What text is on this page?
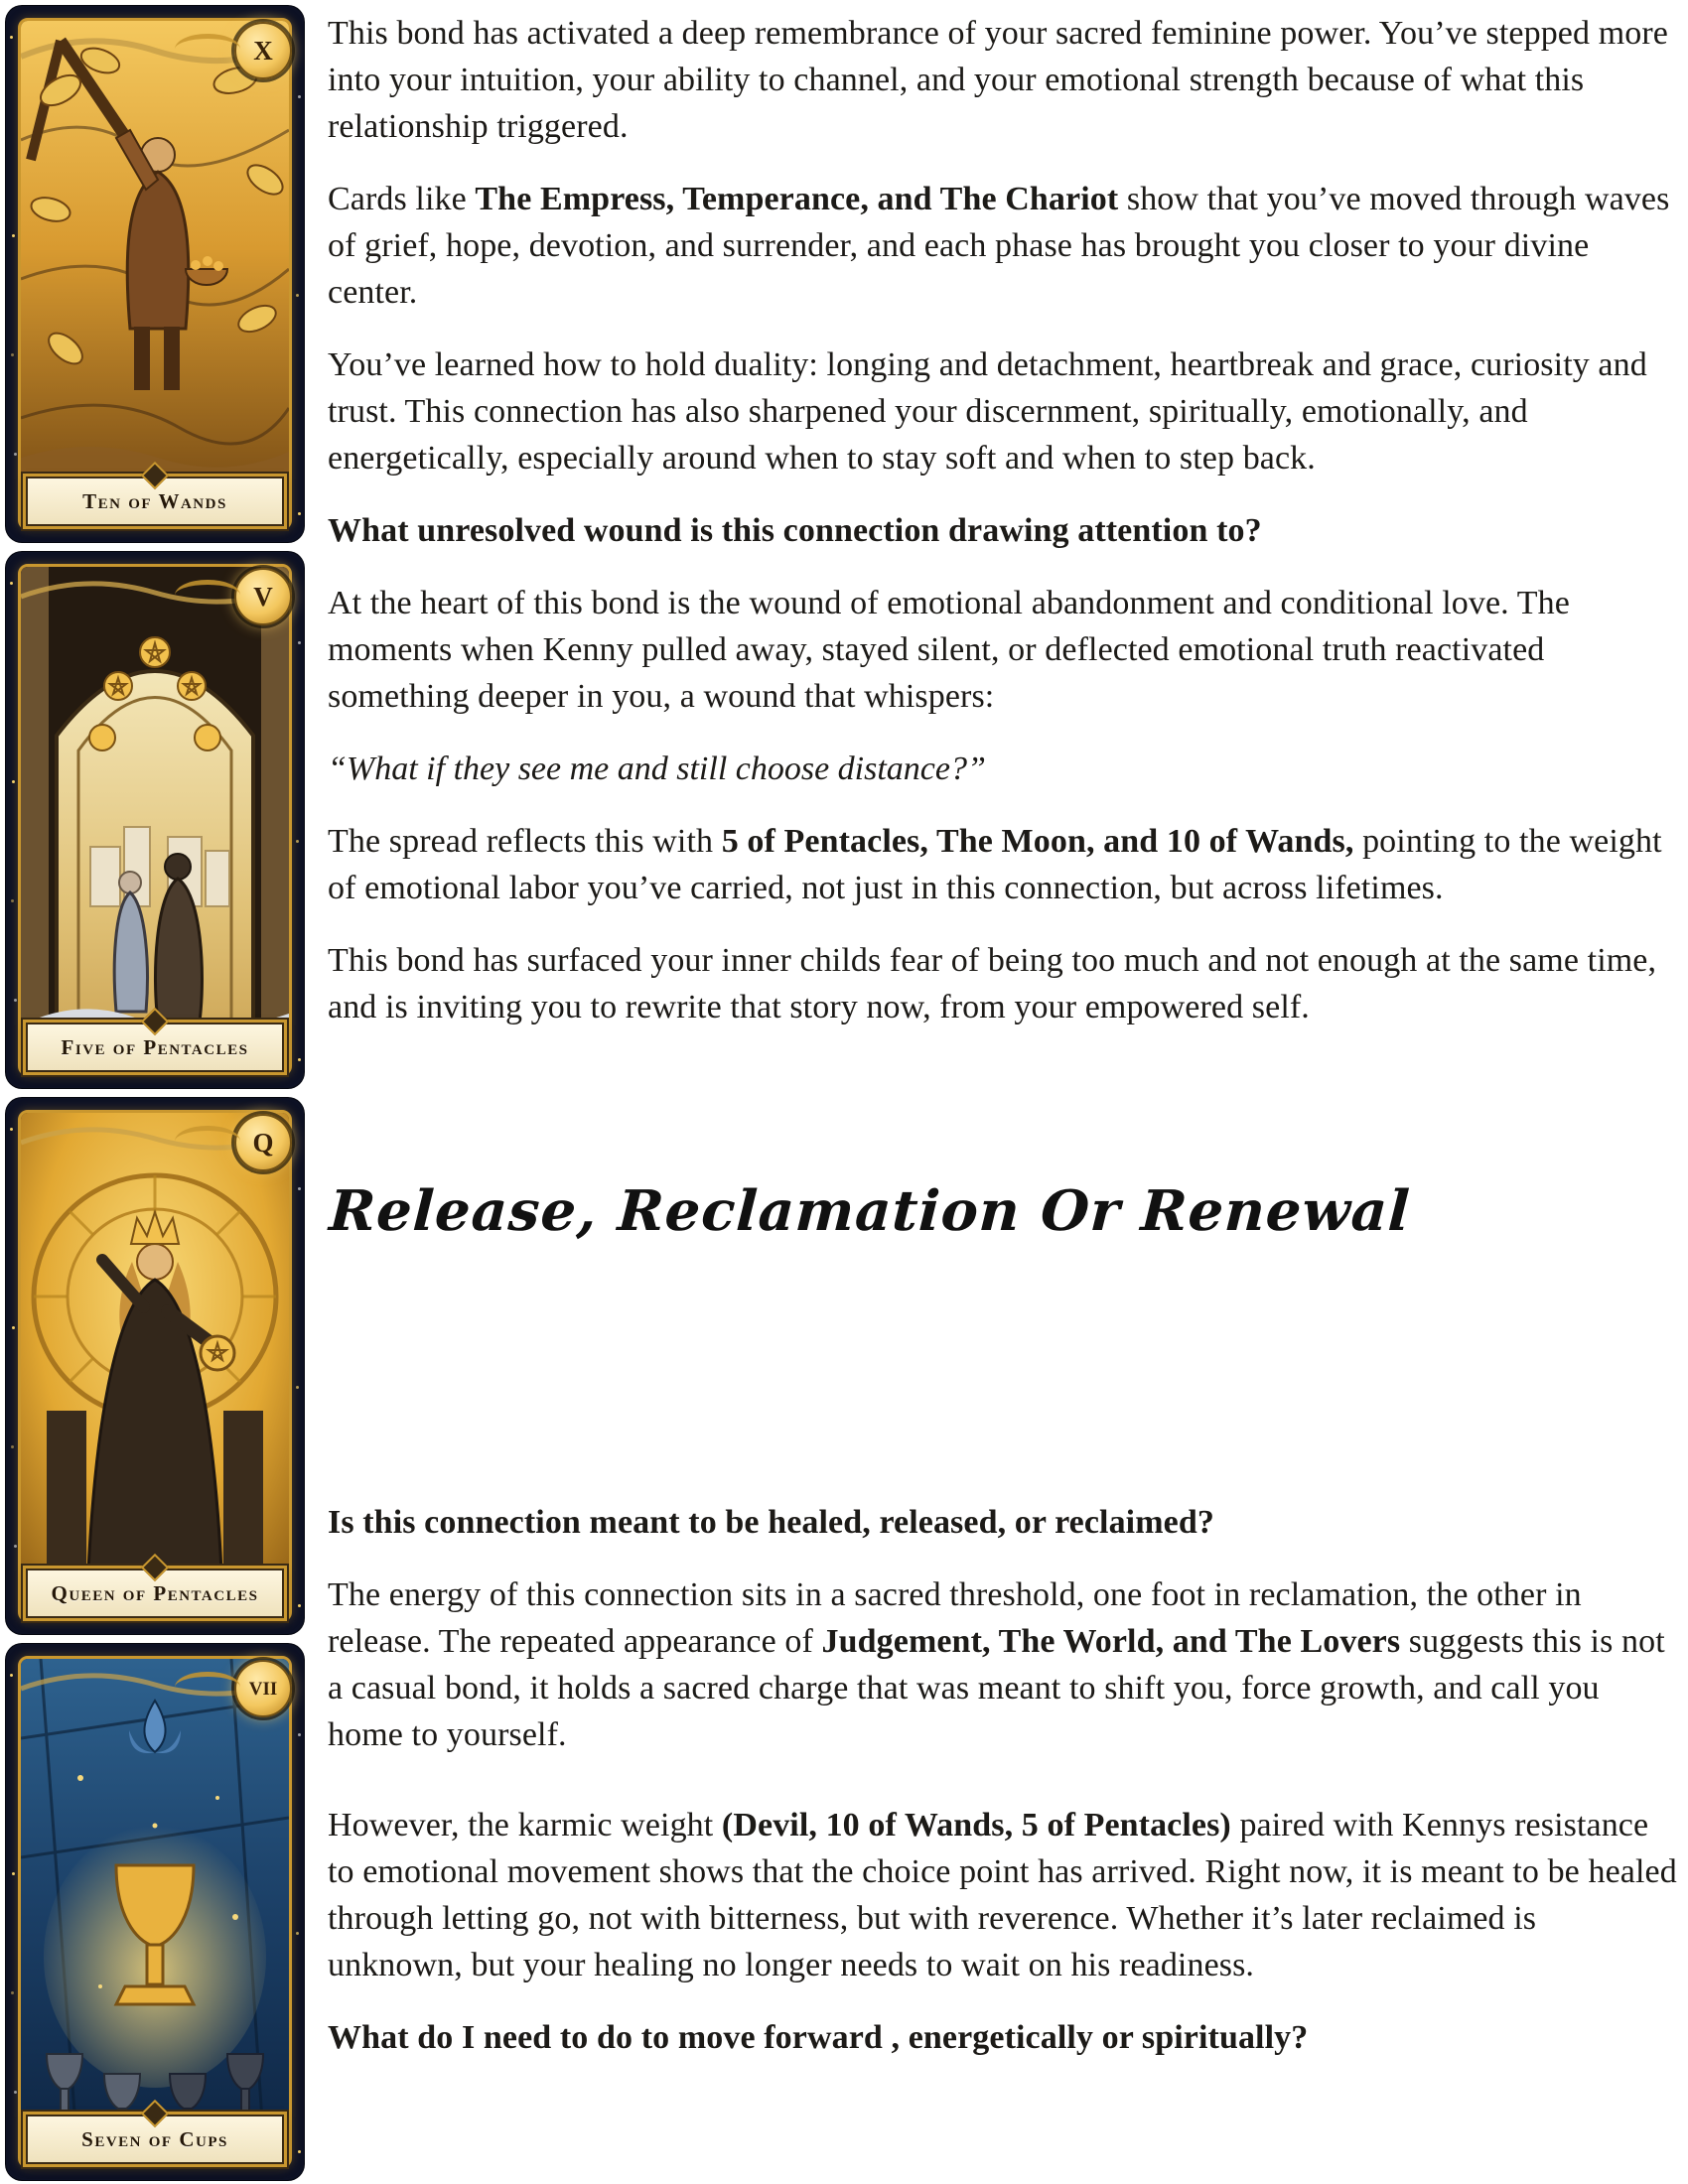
X
Ten of Wands
V
Five of Pentacles
Q
Queen of Pentacles
VII
Seven of Cups

This bond has activated a deep remembrance of your sacred feminine power. You’ve stepped more into your intuition, your ability to channel, and your emotional strength because of what this relationship triggered.

Cards like The Empress, Temperance, and The Chariot show that you’ve moved through waves of grief, hope, devotion, and surrender, and each phase has brought you closer to your divine center.

You’ve learned how to hold duality: longing and detachment, heartbreak and grace, curiosity and trust. This connection has also sharpened your discernment, spiritually, emotionally, and energetically, especially around when to stay soft and when to step back.

What unresolved wound is this connection drawing attention to?

At the heart of this bond is the wound of emotional abandonment and conditional love. The moments when Kenny pulled away, stayed silent, or deflected emotional truth reactivated something deeper in you, a wound that whispers:

“What if they see me and still choose distance?”

The spread reflects this with 5 of Pentacles, The Moon, and 10 of Wands, pointing to the weight of emotional labor you’ve carried, not just in this connection, but across lifetimes.

This bond has surfaced your inner childs fear of being too much and not enough at the same time, and is inviting you to rewrite that story now, from your empowered self.

Release, Reclamation Or Renewal
Is this connection meant to be healed, released, or reclaimed?

The energy of this connection sits in a sacred threshold, one foot in reclamation, the other in release. The repeated appearance of Judgement, The World, and The Lovers suggests this is not a casual bond, it holds a sacred charge that was meant to shift you, force growth, and call you home to yourself.

However, the karmic weight (Devil, 10 of Wands, 5 of Pentacles) paired with Kennys resistance to emotional movement shows that the choice point has arrived. Right now, it is meant to be healed through letting go, not with bitterness, but with reverence. Whether it’s later reclaimed is unknown, but your healing no longer needs to wait on his readiness.

What do I need to do to move forward , energetically or spiritually?
